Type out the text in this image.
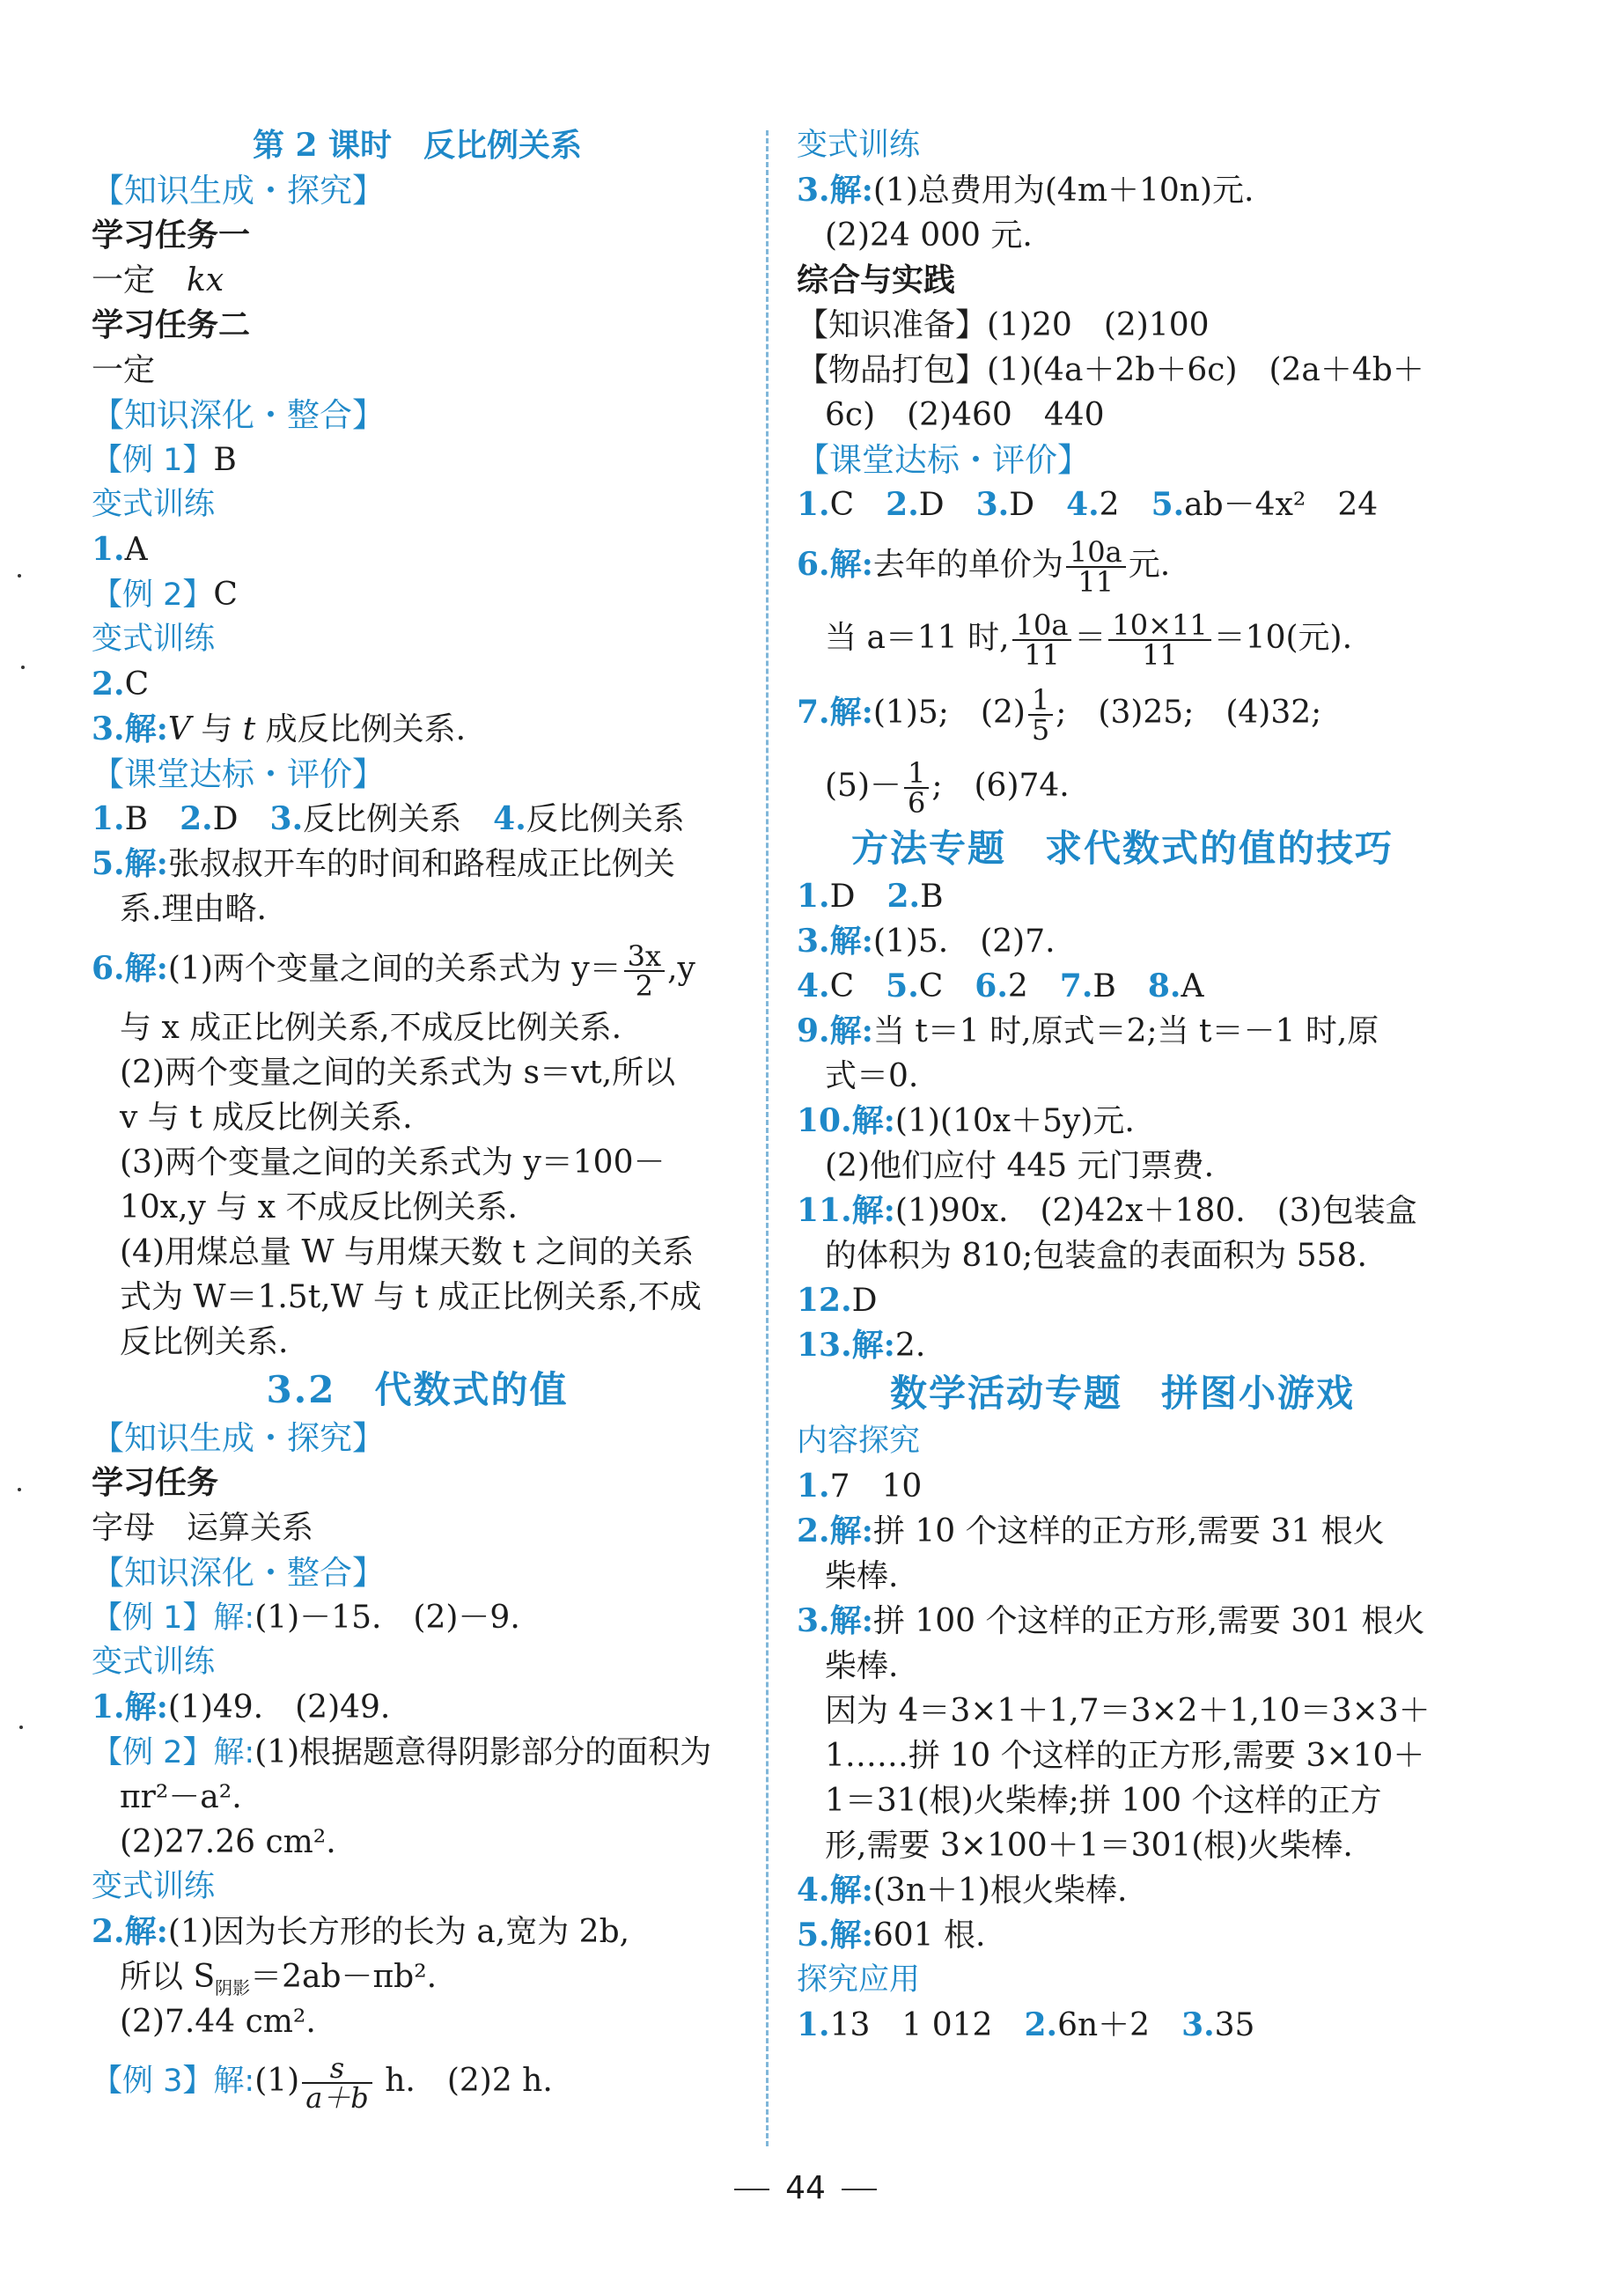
第 2 课时　反比例关系
【知识生成・探究】
学习任务一
一定　kx
学习任务二
一定
【知识深化・整合】
【例 1】B
变式训练
1.A
【例 2】C
变式训练
2.C
3.解:V 与 t 成反比例关系.
【课堂达标・评价】
1.B　2.D　3.反比例关系　4.反比例关系
5.解:张叔叔开车的时间和路程成正比例关
系.理由略.
6.解:(1)两个变量之间的关系式为 $y= \frac{3x}{2} ,y$
与 x 成正比例关系,不成反比例关系.
(2)两个变量之间的关系式为 s＝vt,所以
v 与 t 成反比例关系.
(3)两个变量之间的关系式为 y＝100－
10x,y 与 x 不成反比例关系.
(4)用煤总量 W 与用煤天数 t 之间的关系
式为 W＝1.5t,W 与 t 成正比例关系,不成
反比例关系.
3.2　代数式的值
【知识生成・探究】
学习任务
字母　运算关系
【知识深化・整合】
【例 1】解:(1)－15.　(2)－9.
变式训练
1.解:(1)49.　(2)49.
【例 2】解:(1)根据题意得阴影部分的面积为
πr²－a².
(2)27.26 cm².
变式训练
2.解:(1)因为长方形的长为 a,宽为 2b,
所以 $S_{阴影}=2ab-\pi b^2$.
(2)7.44 cm².
【例 3】解:(1) $\frac{s}{a+b} h$.　(2)2 h.
变式训练
3.解:(1)总费用为(4m＋10n)元.
(2)24 000 元.
综合与实践
【知识准备】(1)20　(2)100
【物品打包】(1)(4a＋2b＋6c)　(2a＋4b＋
6c)　(2)460　440
【课堂达标・评价】
1.C　2.D　3.D　4.2　5.ab－4x²　24
6.解:去年的单价为 $\frac{10a}{11}$ 元.
当 a＝11 时, $\frac{10a}{11} = \frac{10\times 11}{11} =10$(元).
7.解:(1)5;　$(2) \frac{1}{5}$ ;　(3)25;　(4)32;
$(5)- \frac{1}{6}$ ;　(6)74.
方法专题　求代数式的值的技巧
1.D　2.B
3.解:(1)5.　(2)7.
4.C　5.C　6.2　7.B　8.A
9.解:当 t＝1 时,原式＝2;当 t＝－1 时,原
式＝0.
10.解:(1)(10x＋5y)元.
(2)他们应付 445 元门票费.
11.解:(1)90x.　(2)42x＋180.　(3)包装盒
的体积为 810;包装盒的表面积为 558.
12.D
13.解:2.
数学活动专题　拼图小游戏
内容探究
1.7　10
2.解:拼 10 个这样的正方形,需要 31 根火
柴棒.
3.解:拼 100 个这样的正方形,需要 301 根火
柴棒.
因为 4＝3×1＋1,7＝3×2＋1,10＝3×3＋
1……拼 10 个这样的正方形,需要 3×10＋
1＝31(根)火柴棒;拼 100 个这样的正方
形,需要 3×100＋1＝301(根)火柴棒.
4.解:(3n＋1)根火柴棒.
5.解:601 根.
探究应用
1.13　1 012　2.6n＋2　3.35
44
